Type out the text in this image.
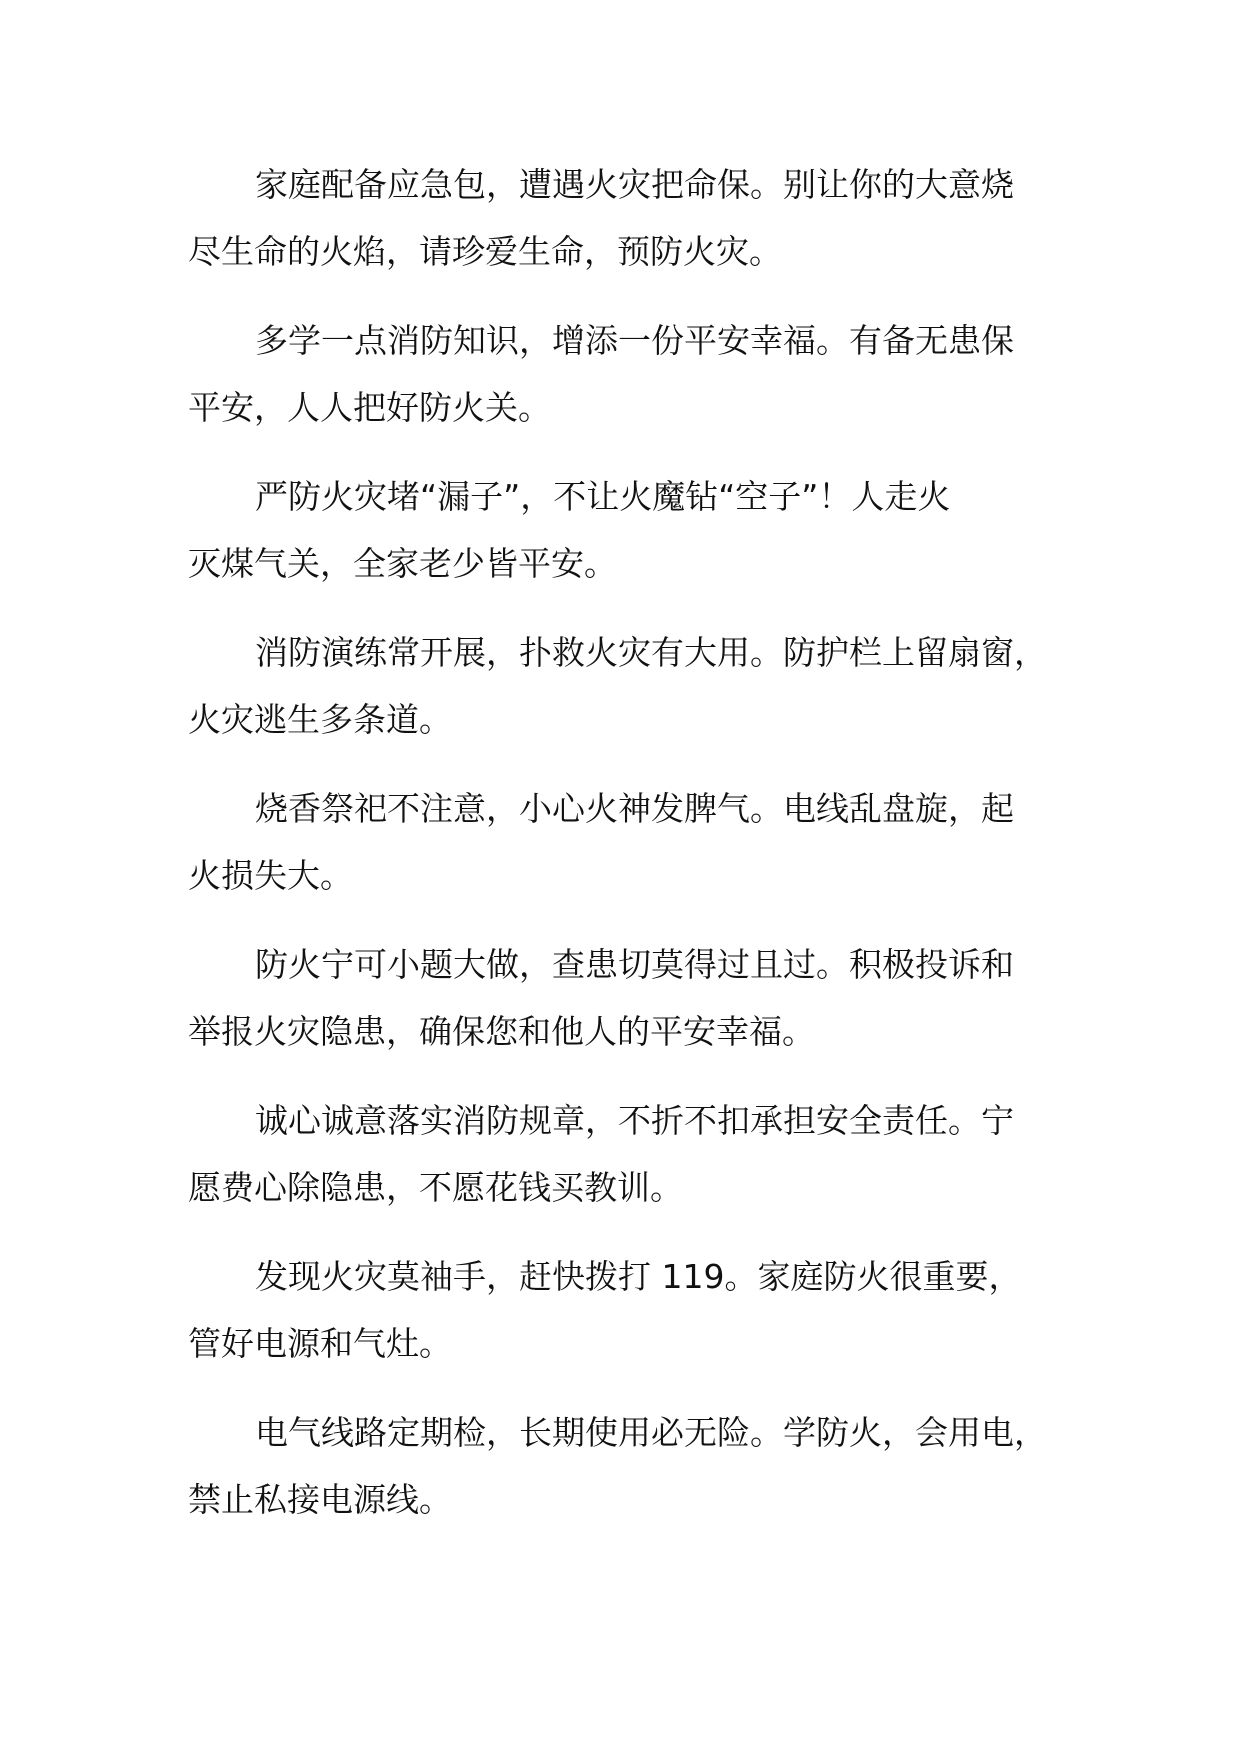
家庭配备应急包，遭遇火灾把命保。别让你的大意烧
尽生命的火焰，请珍爱生命，预防火灾。

多学一点消防知识，增添一份平安幸福。有备无患保
平安，人人把好防火关。

严防火灾堵“漏子”，不让火魔钻“空子”！人走火
灭煤气关，全家老少皆平安。

消防演练常开展，扑救火灾有大用。防护栏上留扇窗，
火灾逃生多条道。

烧香祭祀不注意，小心火神发脾气。电线乱盘旋，起
火损失大。

防火宁可小题大做，查患切莫得过且过。积极投诉和
举报火灾隐患，确保您和他人的平安幸福。

诚心诚意落实消防规章，不折不扣承担安全责任。宁
愿费心除隐患，不愿花钱买教训。

发现火灾莫袖手，赶快拨打 119。家庭防火很重要，
管好电源和气灶。

电气线路定期检，长期使用必无险。学防火，会用电，
禁止私接电源线。
